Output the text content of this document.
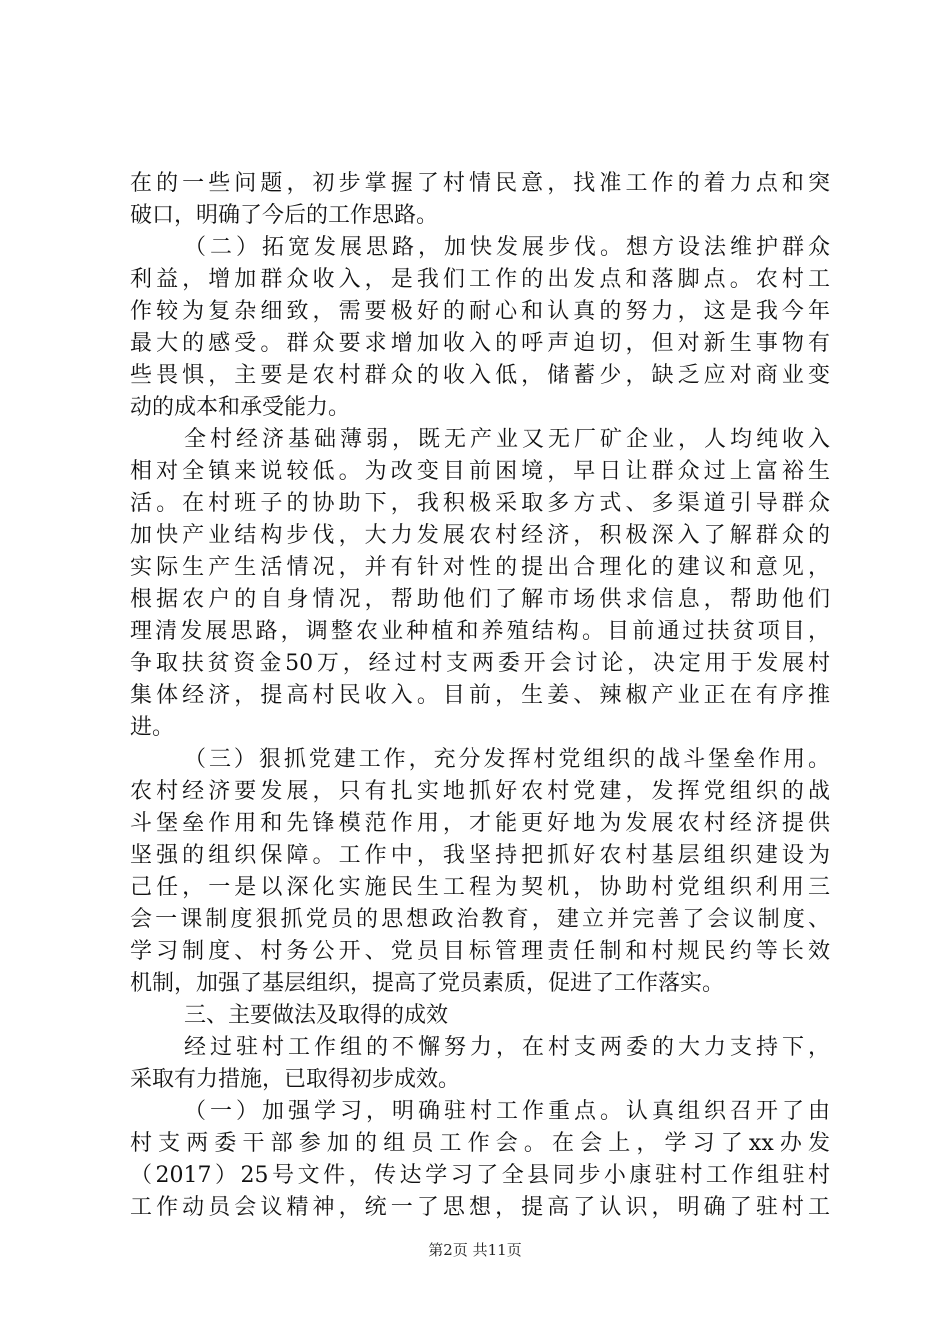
在的一些问题，初步掌握了村情民意，找准工作的着力点和突
破口，明确了今后的工作思路。
（二）拓宽发展思路，加快发展步伐。想方设法维护群众
利益，增加群众收入，是我们工作的出发点和落脚点。农村工
作较为复杂细致，需要极好的耐心和认真的努力，这是我今年
最大的感受。群众要求增加收入的呼声迫切，但对新生事物有
些畏惧，主要是农村群众的收入低，储蓄少，缺乏应对商业变
动的成本和承受能力。
全村经济基础薄弱，既无产业又无厂矿企业，人均纯收入
相对全镇来说较低。为改变目前困境，早日让群众过上富裕生
活。在村班子的协助下，我积极采取多方式、多渠道引导群众
加快产业结构步伐，大力发展农村经济，积极深入了解群众的
实际生产生活情况，并有针对性的提出合理化的建议和意见，
根据农户的自身情况，帮助他们了解市场供求信息，帮助他们
理清发展思路，调整农业种植和养殖结构。目前通过扶贫项目，
争取扶贫资金50万，经过村支两委开会讨论，决定用于发展村
集体经济，提高村民收入。目前，生姜、辣椒产业正在有序推
进。
（三）狠抓党建工作，充分发挥村党组织的战斗堡垒作用。
农村经济要发展，只有扎实地抓好农村党建，发挥党组织的战
斗堡垒作用和先锋模范作用，才能更好地为发展农村经济提供
坚强的组织保障。工作中，我坚持把抓好农村基层组织建设为
己任，一是以深化实施民生工程为契机，协助村党组织利用三
会一课制度狠抓党员的思想政治教育，建立并完善了会议制度、
学习制度、村务公开、党员目标管理责任制和村规民约等长效
机制，加强了基层组织，提高了党员素质，促进了工作落实。
三、主要做法及取得的成效
经过驻村工作组的不懈努力，在村支两委的大力支持下，
采取有力措施，已取得初步成效。
（一）加强学习，明确驻村工作重点。认真组织召开了由
村支两委干部参加的组员工作会。在会上，学习了xx办发
（2017）25号文件，传达学习了全县同步小康驻村工作组驻村
工作动员会议精神，统一了思想，提高了认识，明确了驻村工
第2页 共11页
